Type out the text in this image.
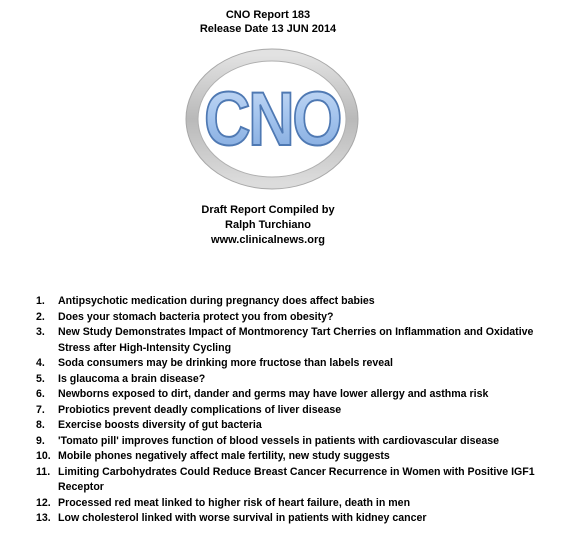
CNO Report 183
Release Date 13 JUN 2014
CNO
Draft Report Compiled by
Ralph Turchiano
www.clinicalnews.org
1.	Antipsychotic medication during pregnancy does affect babies
2.	Does your stomach bacteria protect you from obesity?
3.	New Study Demonstrates Impact of Montmorency Tart Cherries on Inflammation and Oxidative Stress after High-Intensity Cycling
4.	Soda consumers may be drinking more fructose than labels reveal
5.	Is glaucoma a brain disease?
6.	Newborns exposed to dirt, dander and germs may have lower allergy and asthma risk
7.	Probiotics prevent deadly complications of liver disease
8.	Exercise boosts diversity of gut bacteria
9.	'Tomato pill' improves function of blood vessels in patients with cardiovascular disease
10. Mobile phones negatively affect male fertility, new study suggests
11. Limiting Carbohydrates Could Reduce Breast Cancer Recurrence in Women with Positive IGF1 Receptor
12. Processed red meat linked to higher risk of heart failure, death in men
13. Low cholesterol linked with worse survival in patients with kidney cancer
